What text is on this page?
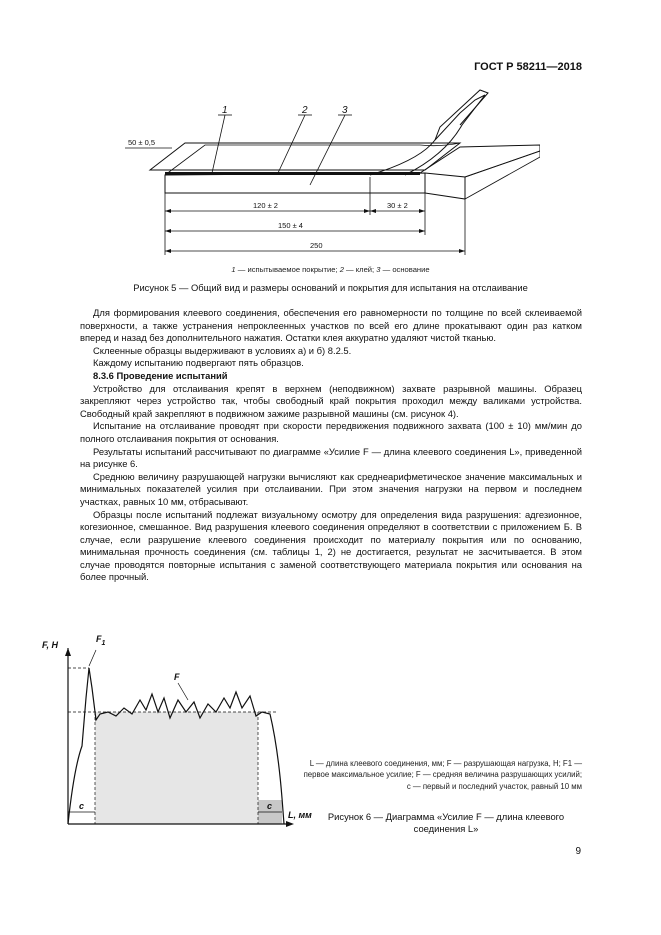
ГОСТ Р 58211—2018
1	2	3
50 ± 0,5
120 ± 2	30 ± 2
150 ± 4
250
1 — испытываемое покрытие; 2 — клей; 3 — основание
Рисунок 5 — Общий вид и размеры оснований и покрытия для испытания на отслаивание

Для формирования клеевого соединения, обеспечения его равномерности по толщине по всей склеиваемой поверхности, а также устранения непроклеенных участков по всей его длине прокатывают один раз катком вперед и назад без дополнительного нажатия. Остатки клея аккуратно удаляют чистой тканью.

Склеенные образцы выдерживают в условиях а) и б) 8.2.5.

Каждому испытанию подвергают пять образцов.

8.3.6 Проведение испытаний

Устройство для отслаивания крепят в верхнем (неподвижном) захвате разрывной машины. Образец закрепляют через устройство так, чтобы свободный край покрытия проходил между валиками устройства. Свободный край закрепляют в подвижном зажиме разрывной машины (см. рисунок 4).

Испытание на отслаивание проводят при скорости передвижения подвижного захвата (100 ± 10) мм/мин до полного отслаивания покрытия от основания.

Результаты испытаний рассчитывают по диаграмме «Усилие F — длина клеевого соединения L», приведенной на рисунке 6.

Среднюю величину разрушающей нагрузки вычисляют как среднеарифметическое значение максимальных и минимальных показателей усилия при отслаивании. При этом значения нагрузки на первом и последнем участках, равных 10 мм, отбрасывают.

Образцы после испытаний подлежат визуальному осмотру для определения вида разрушения: адгезионное, когезионное, смешанное. Вид разрушения клеевого соединения определяют в соответствии с приложением Б. В случае, если разрушение клеевого соединения происходит по материалу покрытия или по основанию, минимальная прочность соединения (см. таблицы 1, 2) не достигается, результат не засчитывается. В этом случае проводятся повторные испытания с заменой соответствующего материала покрытия или основания на более прочный.

F, Н
L, мм
$F_1$
F
c	c
L — длина клеевого соединения, мм; F — разрушающая нагрузка, Н; F1 — первое максимальное усилие; F — средняя величина разрушающих усилий; c — первый и последний участок, равный 10 мм
Рисунок 6 — Диаграмма «Усилие F — длина клеевого
соединения L»
9
